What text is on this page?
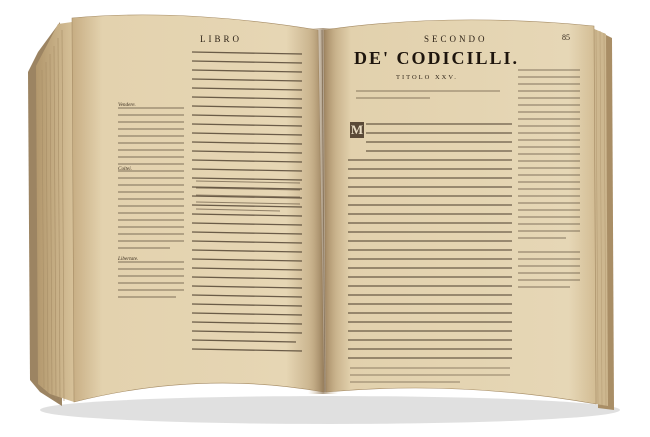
LIBRO	SECONDO	85
DE' CODICILLI.
TITOLO XXV.
M
Vendere.
Coltei.
Libertate.
